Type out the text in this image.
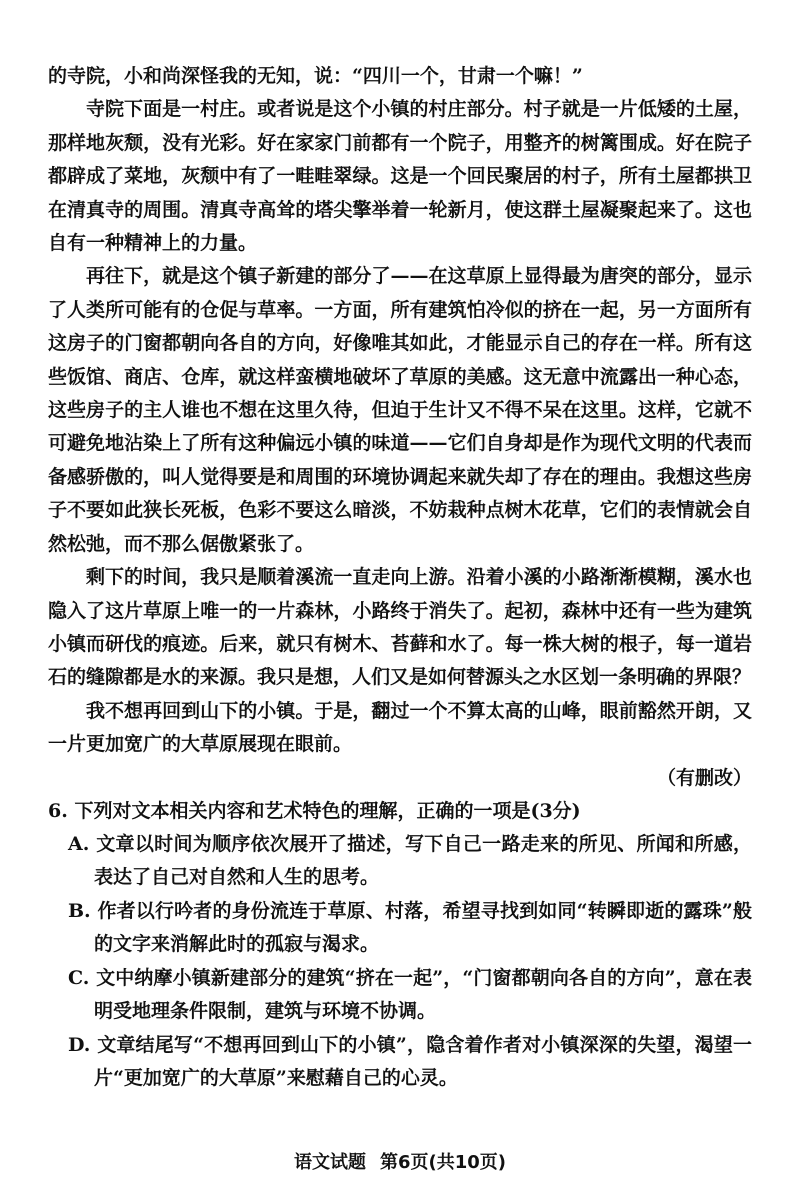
的寺院，小和尚深怪我的无知，说：“四川一个，甘肃一个嘛！”

寺院下面是一村庄。或者说是这个小镇的村庄部分。村子就是一片低矮的土屋，那样地灰颓，没有光彩。好在家家门前都有一个院子，用整齐的树篱围成。好在院子都辟成了菜地，灰颓中有了一畦畦翠绿。这是一个回民聚居的村子，所有土屋都拱卫在清真寺的周围。清真寺高耸的塔尖擎举着一轮新月，使这群土屋凝聚起来了。这也自有一种精神上的力量。

再往下，就是这个镇子新建的部分了——在这草原上显得最为唐突的部分，显示了人类所可能有的仓促与草率。一方面，所有建筑怕冷似的挤在一起，另一方面所有这房子的门窗都朝向各自的方向，好像唯其如此，才能显示自己的存在一样。所有这些饭馆、商店、仓库，就这样蛮横地破坏了草原的美感。这无意中流露出一种心态，这些房子的主人谁也不想在这里久待，但迫于生计又不得不呆在这里。这样，它就不可避免地沾染上了所有这种偏远小镇的味道——它们自身却是作为现代文明的代表而备感骄傲的，叫人觉得要是和周围的环境协调起来就失却了存在的理由。我想这些房子不要如此狭长死板，色彩不要这么暗淡，不妨栽种点树木花草，它们的表情就会自然松弛，而不那么倨傲紧张了。

剩下的时间，我只是顺着溪流一直走向上游。沿着小溪的小路渐渐模糊，溪水也隐入了这片草原上唯一的一片森林，小路终于消失了。起初，森林中还有一些为建筑小镇而研伐的痕迹。后来，就只有树木、苔藓和水了。每一株大树的根子，每一道岩石的缝隙都是水的来源。我只是想，人们又是如何替源头之水区划一条明确的界限？

我不想再回到山下的小镇。于是，翻过一个不算太高的山峰，眼前豁然开朗，又一片更加宽广的大草原展现在眼前。

（有删改）

6. 下列对文本相关内容和艺术特色的理解，正确的一项是(3分)

A. 文章以时间为顺序依次展开了描述，写下自己一路走来的所见、所闻和所感，表达了自己对自然和人生的思考。
B. 作者以行吟者的身份流连于草原、村落，希望寻找到如同“转瞬即逝的露珠”般的文字来消解此时的孤寂与渴求。
C. 文中纳摩小镇新建部分的建筑“挤在一起”，“门窗都朝向各自的方向”，意在表明受地理条件限制，建筑与环境不协调。
D. 文章结尾写“不想再回到山下的小镇”，隐含着作者对小镇深深的失望，渴望一片“更加宽广的大草原”来慰藉自己的心灵。
语文试题 第6页(共10页)
